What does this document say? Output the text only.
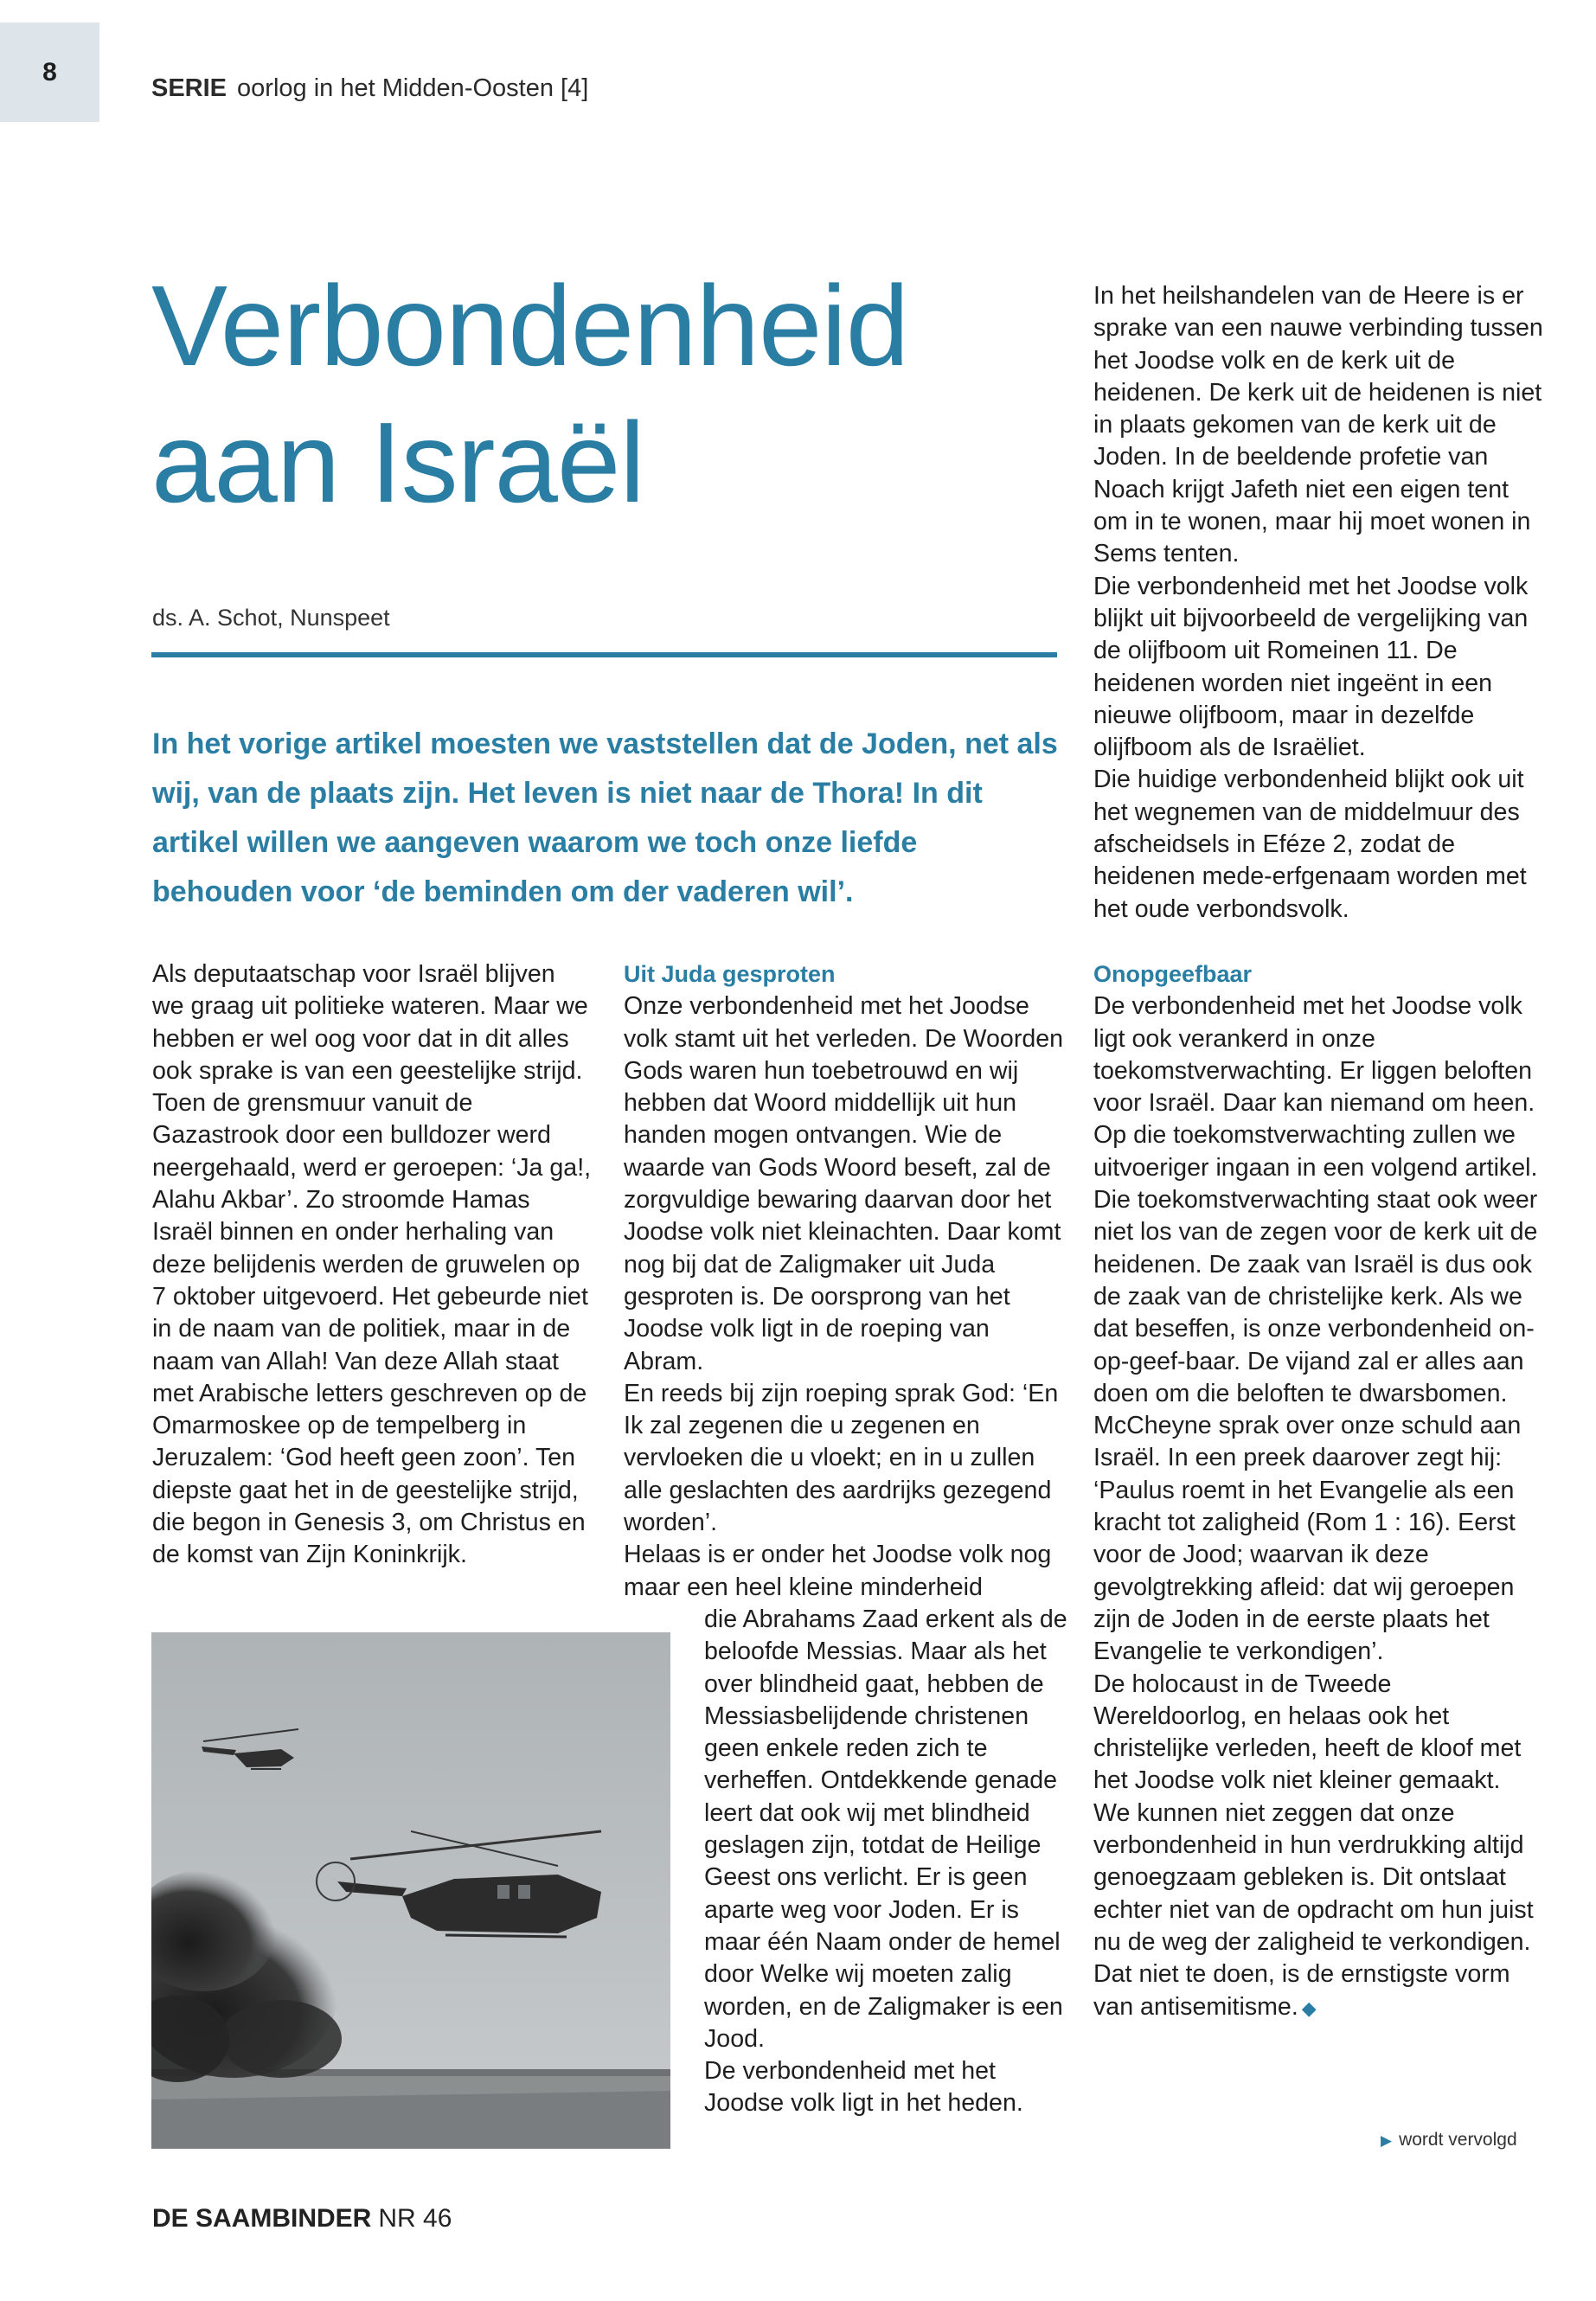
8
SERIE oorlog in het Midden-Oosten [4]
Verbondenheid
aan Israël
ds. A. Schot, Nunspeet

In het vorige artikel moesten we vaststellen dat de Joden, net als wij, van de plaats zijn. Het leven is niet naar de Thora! In dit artikel willen we aangeven waarom we toch onze liefde behouden voor ‘de beminden om der vaderen wil’.

Als deputaatschap voor Israël blijven we graag uit politieke wateren. Maar we hebben er wel oog voor dat in dit alles ook sprake is van een geestelijke strijd. Toen de grensmuur vanuit de Gazastrook door een bulldozer werd neergehaald, werd er geroepen: ‘Ja ga!, Alahu Akbar’. Zo stroomde Hamas Israël binnen en onder herhaling van deze belijdenis werden de gruwelen op 7 oktober uitgevoerd. Het gebeurde niet in de naam van de politiek, maar in de naam van Allah! Van deze Allah staat met Arabische letters geschreven op de Omarmoskee op de tempelberg in Jeruzalem: ‘God heeft geen zoon’. Ten diepste gaat het in de geestelijke strijd, die begon in Genesis 3, om Christus en de komst van Zijn Koninkrijk.

Uit Juda gesproten

Onze verbondenheid met het Joodse volk stamt uit het verleden. De Woorden Gods waren hun toebetrouwd en wij hebben dat Woord middellijk uit hun handen mogen ontvangen. Wie de waarde van Gods Woord beseft, zal de zorgvuldige bewaring daarvan door het Joodse volk niet kleinachten. Daar komt nog bij dat de Zaligmaker uit Juda gesproten is. De oorsprong van het Joodse volk ligt in de roeping van Abram.

En reeds bij zijn roeping sprak God: ‘En Ik zal zegenen die u zegenen en vervloeken die u vloekt; en in u zullen alle geslachten des aardrijks gezegend worden’.

Helaas is er onder het Joodse volk nog maar een heel kleine minderheid

die Abrahams Zaad erkent als de beloofde Messias. Maar als het over blindheid gaat, hebben de Messiasbelijdende christenen geen enkele reden zich te verheffen. Ontdekkende genade leert dat ook wij met blindheid geslagen zijn, totdat de Heilige Geest ons verlicht. Er is geen aparte weg voor Joden. Er is maar één Naam onder de hemel door Welke wij moeten zalig worden, en de Zaligmaker is een Jood.

De verbondenheid met het Joodse volk ligt in het heden.

In het heilshandelen van de Heere is er sprake van een nauwe verbinding tussen het Joodse volk en de kerk uit de heidenen. De kerk uit de heidenen is niet in plaats gekomen van de kerk uit de Joden. In de beeldende profetie van Noach krijgt Jafeth niet een eigen tent om in te wonen, maar hij moet wonen in Sems tenten.

Die verbondenheid met het Joodse volk blijkt uit bijvoorbeeld de vergelijking van de olijfboom uit Romeinen 11. De heidenen worden niet ingeënt in een nieuwe olijfboom, maar in dezelfde olijfboom als de Israëliet.

Die huidige verbondenheid blijkt ook uit het wegnemen van de middelmuur des afscheidsels in Eféze 2, zodat de heidenen mede-erfgenaam worden met het oude verbondsvolk.

Onopgeefbaar

De verbondenheid met het Joodse volk ligt ook verankerd in onze toekomstverwachting. Er liggen beloften voor Israël. Daar kan niemand om heen. Op die toekomstverwachting zullen we uitvoeriger ingaan in een volgend artikel.

Die toekomstverwachting staat ook weer niet los van de zegen voor de kerk uit de heidenen. De zaak van Israël is dus ook de zaak van de christelijke kerk. Als we dat beseffen, is onze verbondenheid on-op-geef-baar. De vijand zal er alles aan doen om die beloften te dwarsbomen.

McCheyne sprak over onze schuld aan Israël. In een preek daarover zegt hij: ‘Paulus roemt in het Evangelie als een kracht tot zaligheid (Rom 1 : 16). Eerst voor de Jood; waarvan ik deze gevolgtrekking afleid: dat wij geroepen zijn de Joden in de eerste plaats het Evangelie te verkondigen’.

De holocaust in de Tweede Wereldoorlog, en helaas ook het christelijke verleden, heeft de kloof met het Joodse volk niet kleiner gemaakt.

We kunnen niet zeggen dat onze verbondenheid in hun verdrukking altijd genoegzaam gebleken is. Dit ontslaat echter niet van de opdracht om hun juist nu de weg der zaligheid te verkondigen. Dat niet te doen, is de ernstigste vorm van antisemitisme. ◆

▶ wordt vervolgd
DE SAAMBINDER NR 46
